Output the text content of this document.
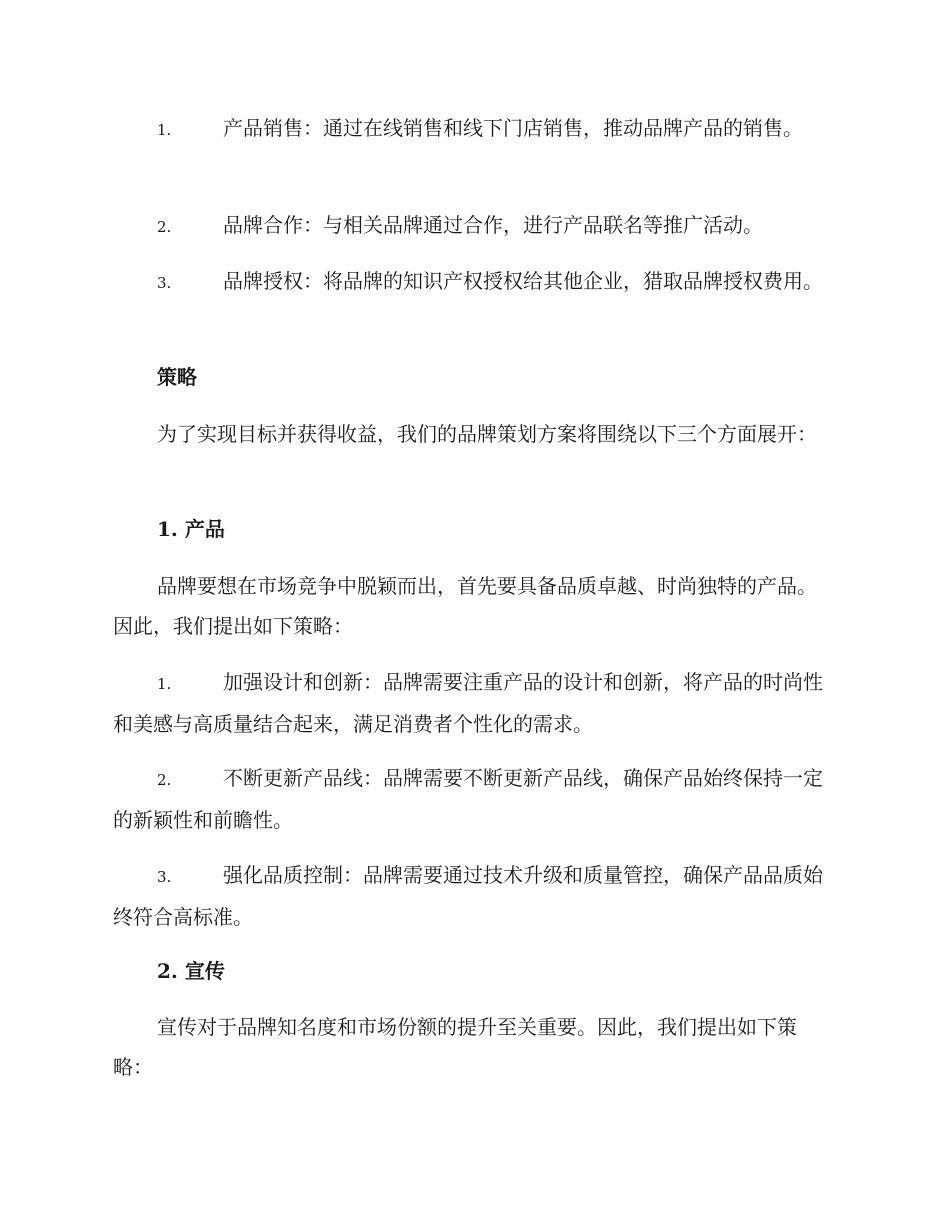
1.	产品销售：通过在线销售和线下门店销售，推动品牌产品的销售。
2.	品牌合作：与相关品牌通过合作，进行产品联名等推广活动。
3.	品牌授权：将品牌的知识产权授权给其他企业，猎取品牌授权费用。
策略
为了实现目标并获得收益，我们的品牌策划方案将围绕以下三个方面展开：
1. 产品
品牌要想在市场竞争中脱颖而出，首先要具备品质卓越、时尚独特的产品。因此，我们提出如下策略：
1.	加强设计和创新：品牌需要注重产品的设计和创新，将产品的时尚性和美感与高质量结合起来，满足消费者个性化的需求。
2.	不断更新产品线：品牌需要不断更新产品线，确保产品始终保持一定的新颖性和前瞻性。
3.	强化品质控制：品牌需要通过技术升级和质量管控，确保产品品质始终符合高标准。
2. 宣传
宣传对于品牌知名度和市场份额的提升至关重要。因此，我们提出如下策略：
